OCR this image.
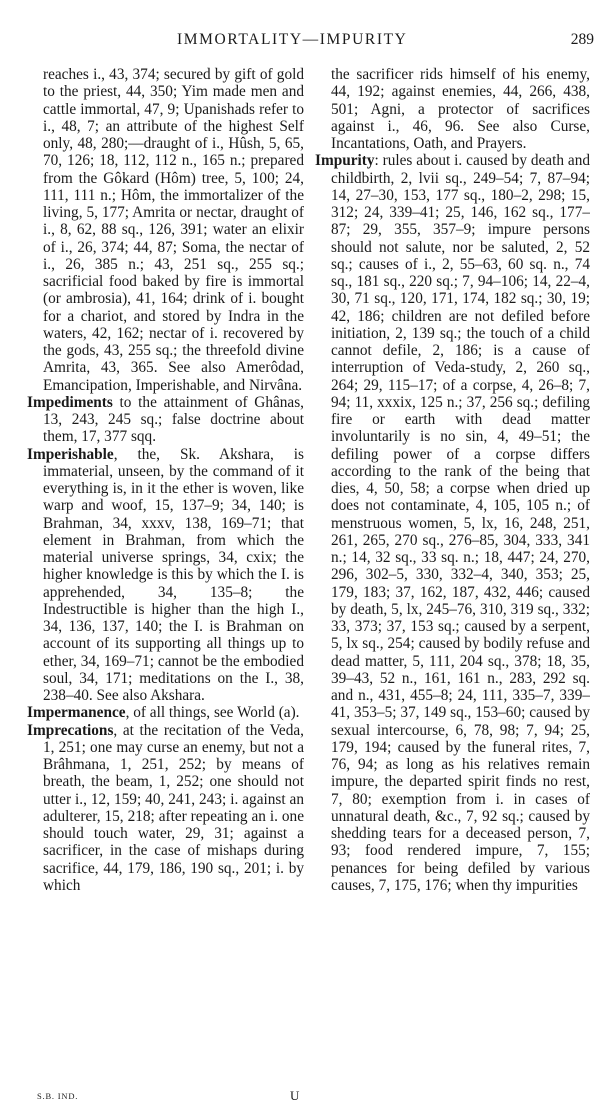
IMMORTALITY—IMPURITY	289

reaches i., 43, 374; secured by gift of gold to the priest, 44, 350; Yim made men and cattle immortal, 47, 9; Upanishads refer to i., 48, 7; an attribute of the highest Self only, 48, 280;—draught of i., Hûsh, 5, 65, 70, 126; 18, 112, 112 n., 165 n.; prepared from the Gôkard (Hôm) tree, 5, 100; 24, 111, 111 n.; Hôm, the immortalizer of the living, 5, 177; Amrita or nectar, draught of i., 8, 62, 88 sq., 126, 391; water an elixir of i., 26, 374; 44, 87; Soma, the nectar of i., 26, 385 n.; 43, 251 sq., 255 sq.; sacrificial food baked by fire is immortal (or ambrosia), 41, 164; drink of i. bought for a chariot, and stored by Indra in the waters, 42, 162; nectar of i. recovered by the gods, 43, 255 sq.; the threefold divine Amrita, 43, 365. See also Amerôdad, Emancipation, Imperishable, and Nirvâna.

Impediments to the attainment of Ghânas, 13, 243, 245 sq.; false doctrine about them, 17, 377 sqq.

Imperishable, the, Sk. Akshara, is immaterial, unseen, by the command of it everything is, in it the ether is woven, like warp and woof, 15, 137–9; 34, 140; is Brahman, 34, xxxv, 138, 169–71; that element in Brahman, from which the material universe springs, 34, cxix; the higher knowledge is this by which the I. is apprehended, 34, 135–8; the Indestructible is higher than the high I., 34, 136, 137, 140; the I. is Brahman on account of its supporting all things up to ether, 34, 169–71; cannot be the embodied soul, 34, 171; meditations on the I., 38, 238–40. See also Akshara.

Impermanence, of all things, see World (a).

Imprecations, at the recitation of the Veda, 1, 251; one may curse an enemy, but not a Brâhmana, 1, 251, 252; by means of breath, the beam, 1, 252; one should not utter i., 12, 159; 40, 241, 243; i. against an adulterer, 15, 218; after repeating an i. one should touch water, 29, 31; against a sacrificer, in the case of mishaps during sacrifice, 44, 179, 186, 190 sq., 201; i. by which

the sacrificer rids himself of his enemy, 44, 192; against enemies, 44, 266, 438, 501; Agni, a protector of sacrifices against i., 46, 96. See also Curse, Incantations, Oath, and Prayers.

Impurity: rules about i. caused by death and childbirth, 2, lvii sq., 249–54; 7, 87–94; 14, 27–30, 153, 177 sq., 180–2, 298; 15, 312; 24, 339–41; 25, 146, 162 sq., 177–87; 29, 355, 357–9; impure persons should not salute, nor be saluted, 2, 52 sq.; causes of i., 2, 55–63, 60 sq. n., 74 sq., 181 sq., 220 sq.; 7, 94–106; 14, 22–4, 30, 71 sq., 120, 171, 174, 182 sq.; 30, 19; 42, 186; children are not defiled before initiation, 2, 139 sq.; the touch of a child cannot defile, 2, 186; is a cause of interruption of Veda-study, 2, 260 sq., 264; 29, 115–17; of a corpse, 4, 26–8; 7, 94; 11, xxxix, 125 n.; 37, 256 sq.; defiling fire or earth with dead matter involuntarily is no sin, 4, 49–51; the defiling power of a corpse differs according to the rank of the being that dies, 4, 50, 58; a corpse when dried up does not contaminate, 4, 105, 105 n.; of menstruous women, 5, lx, 16, 248, 251, 261, 265, 270 sq., 276–85, 304, 333, 341 n.; 14, 32 sq., 33 sq. n.; 18, 447; 24, 270, 296, 302–5, 330, 332–4, 340, 353; 25, 179, 183; 37, 162, 187, 432, 446; caused by death, 5, lx, 245–76, 310, 319 sq., 332; 33, 373; 37, 153 sq.; caused by a serpent, 5, lx sq., 254; caused by bodily refuse and dead matter, 5, 111, 204 sq., 378; 18, 35, 39–43, 52 n., 161, 161 n., 283, 292 sq. and n., 431, 455–8; 24, 111, 335–7, 339–41, 353–5; 37, 149 sq., 153–60; caused by sexual intercourse, 6, 78, 98; 7, 94; 25, 179, 194; caused by the funeral rites, 7, 76, 94; as long as his relatives remain impure, the departed spirit finds no rest, 7, 80; exemption from i. in cases of unnatural death, &c., 7, 92 sq.; caused by shedding tears for a deceased person, 7, 93; food rendered impure, 7, 155; penances for being defiled by various causes, 7, 175, 176; when thy impurities

S.B. IND.	U
